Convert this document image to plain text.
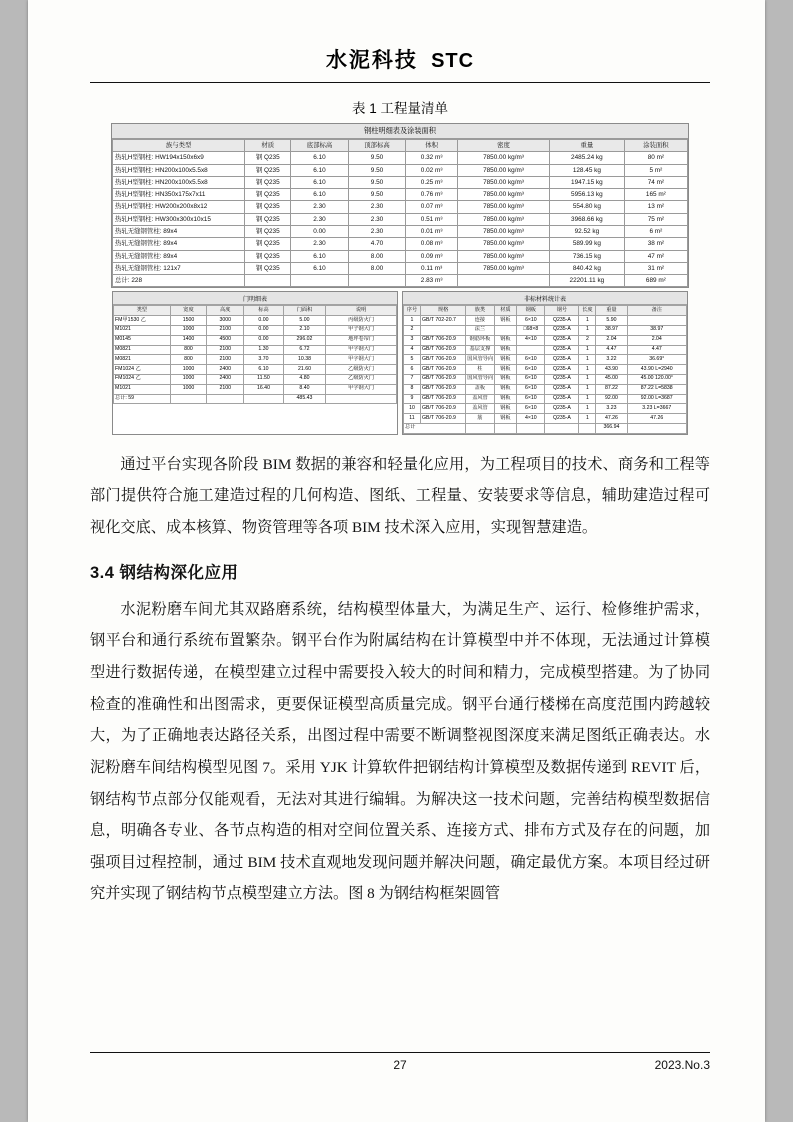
水泥科技 STC
表 1 工程量清单
钢柱明细表及涂装面积
族与类型	材质	底部标高	顶部标高	体积	密度	重量	涂装面积
热轧H型钢柱: HW194x150x6x9	钢 Q235	6.10	9.50	0.32 m³	7850.00 kg/m³	2485.24 kg	80 m²
热轧H型钢柱: HN200x100x5.5x8	钢 Q235	6.10	9.50	0.02 m³	7850.00 kg/m³	128.45 kg	5 m²
热轧H型钢柱: HN200x100x5.5x8	钢 Q235	6.10	9.50	0.25 m³	7850.00 kg/m³	1947.15 kg	74 m²
热轧H型钢柱: HN350x175x7x11	钢 Q235	6.10	9.50	0.76 m³	7850.00 kg/m³	5956.13 kg	165 m²
热轧H型钢柱: HW200x200x8x12	钢 Q235	2.30	2.30	0.07 m³	7850.00 kg/m³	554.80 kg	13 m²
热轧H型钢柱: HW300x300x10x15	钢 Q235	2.30	2.30	0.51 m³	7850.00 kg/m³	3968.66 kg	75 m²
热轧无缝钢管柱: 89x4	钢 Q235	0.00	2.30	0.01 m³	7850.00 kg/m³	92.52 kg	6 m²
热轧无缝钢管柱: 89x4	钢 Q235	2.30	4.70	0.08 m³	7850.00 kg/m³	589.99 kg	38 m²
热轧无缝钢管柱: 89x4	钢 Q235	6.10	8.00	0.09 m³	7850.00 kg/m³	736.15 kg	47 m²
热轧无缝钢管柱: 121x7	钢 Q235	6.10	8.00	0.11 m³	7850.00 kg/m³	840.42 kg	31 m²
总计: 228				2.83 m³		22201.11 kg	689 m²
门明细表
类型	宽度	高度	标高	门面积	说明
FM甲1530 乙	1500	3000	0.00	5.00	丙级防火门
M1021	1000	2100	0.00	2.10	甲子钢大门
M0145	1400	4500	0.00	296.02	地坪卷帘门
M0821	800	2100	1.30	6.72	甲字钢大门
M0821	800	2100	3.70	10.38	甲字钢大门
FM1024 乙	1000	2400	6.10	21.60	乙级防火门
FM1024 乙	1000	2400	11.50	4.80	乙级防火门
M1021	1000	2100	16.40	8.40	甲字钢大门
总计: 59				485.43	
非标材料统计表
序号	规格	族类	材质	钢板	钢号	长度	重量	备注
1	GB/T 702-20.7	连接	钢板	6×10	Q235-A	1	5.90	
2		法兰		□68×8	Q235-A	1	38.97	38.97
3	GB/T 706-20.9	钢筋环板	钢板	4×10	Q235-A	2	2.04	2.04
4	GB/T 706-20.9	基层支撑	钢板		Q235-A	1	4.47	4.47
5	GB/T 706-20.9	国风管导向	钢板	6×10	Q235-A	1	3.22	36.69°
6	GB/T 706-20.9	柱	钢板	6×10	Q235-A	1	43.90	43.90 L=2940
7	GB/T 706-20.9	国风管导向	钢板	6×10	Q235-A	1	45.00	45.00 120.00°
8	GB/T 706-20.9	盖板	钢板	6×10	Q235-A	1	87.22	87.22 L=5838
9	GB/T 706-20.9	盖风管	钢板	6×10	Q235-A	1	92.00	92.00 L=3687
10	GB/T 706-20.9	盖风管	钢板	6×10	Q235-A	1	3.23	3.23 L=3667
11	GB/T 706-20.9	筋	钢板	4×10	Q235-A	1	47.26	47.26
总计							366.94	

通过平台实现各阶段 BIM 数据的兼容和轻量化应用，为工程项目的技术、商务和工程等部门提供符合施工建造过程的几何构造、图纸、工程量、安装要求等信息，辅助建造过程可视化交底、成本核算、物资管理等各项 BIM 技术深入应用，实现智慧建造。

3.4 钢结构深化应用

水泥粉磨车间尤其双路磨系统，结构模型体量大，为满足生产、运行、检修维护需求，钢平台和通行系统布置繁杂。钢平台作为附属结构在计算模型中并不体现，无法通过计算模型进行数据传递，在模型建立过程中需要投入较大的时间和精力，完成模型搭建。为了协同检查的准确性和出图需求，更要保证模型高质量完成。钢平台通行楼梯在高度范围内跨越较大，为了正确地表达路径关系，出图过程中需要不断调整视图深度来满足图纸正确表达。水泥粉磨车间结构模型见图 7。采用 YJK 计算软件把钢结构计算模型及数据传递到 REVIT 后，钢结构节点部分仅能观看，无法对其进行编辑。为解决这一技术问题，完善结构模型数据信息，明确各专业、各节点构造的相对空间位置关系、连接方式、排布方式及存在的问题，加强项目过程控制，通过 BIM 技术直观地发现问题并解决问题，确定最优方案。本项目经过研究并实现了钢结构节点模型建立方法。图 8 为钢结构框架圆管

27	2023.No.3
